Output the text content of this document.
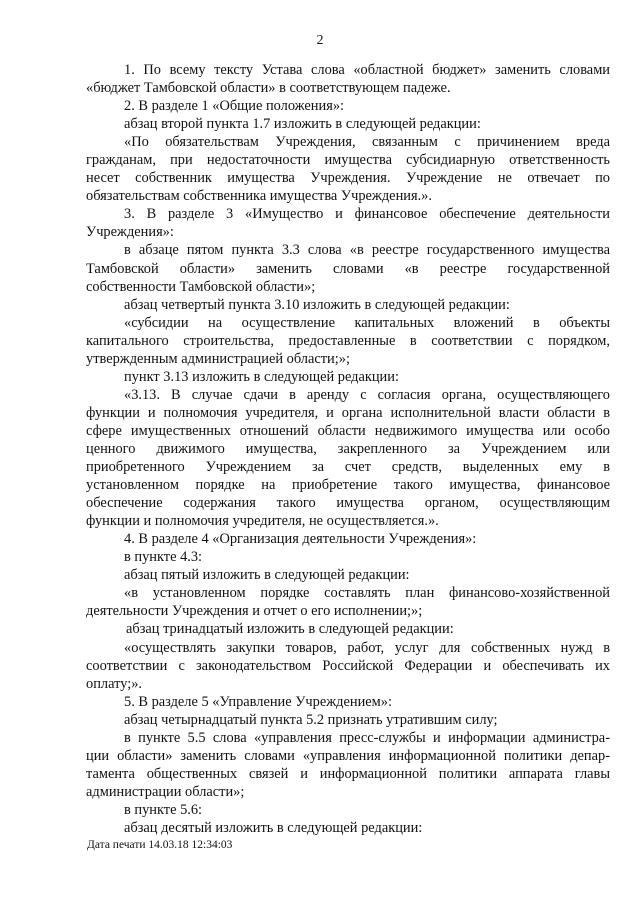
2
1. По всему тексту Устава слова «областной бюджет» заменить словами
«бюджет Тамбовской области» в соответствующем падеже.
2. В разделе 1 «Общие положения»:
абзац второй пункта 1.7 изложить в следующей редакции:
«По обязательствам Учреждения, связанным с причинением вреда
гражданам, при недостаточности имущества субсидиарную ответственность
несет собственник имущества Учреждения. Учреждение не отвечает по
обязательствам собственника имущества Учреждения.».
3. В разделе 3 «Имущество и финансовое обеспечение деятельности
Учреждения»:
в абзаце пятом пункта 3.3 слова «в реестре государственного имущества
Тамбовской области» заменить словами «в реестре государственной
собственности Тамбовской области»;
абзац четвертый пункта 3.10 изложить в следующей редакции:
«субсидии на осуществление капитальных вложений в объекты
капитального строительства, предоставленные в соответствии с порядком,
утвержденным администрацией области;»;
пункт 3.13 изложить в следующей редакции:
«3.13. В случае сдачи в аренду с согласия органа, осуществляющего
функции и полномочия учредителя, и органа исполнительной власти области в
сфере имущественных отношений области недвижимого имущества или особо
ценного движимого имущества, закрепленного за Учреждением или
приобретенного Учреждением за счет средств, выделенных ему в
установленном порядке на приобретение такого имущества, финансовое
обеспечение содержания такого имущества органом, осуществляющим
функции и полномочия учредителя, не осуществляется.».
4. В разделе 4 «Организация деятельности Учреждения»:
в пункте 4.3:
абзац пятый изложить в следующей редакции:
«в установленном порядке составлять план финансово-хозяйственной
деятельности Учреждения и отчет о его исполнении;»;
абзац тринадцатый изложить в следующей редакции:
«осуществлять закупки товаров, работ, услуг для собственных нужд в
соответствии с законодательством Российской Федерации и обеспечивать их
оплату;».
5. В разделе 5 «Управление Учреждением»:
абзац четырнадцатый пункта 5.2 признать утратившим силу;
в пункте 5.5 слова «управления пресс-службы и информации администра-
ции области» заменить словами «управления информационной политики депар-
тамента общественных связей и информационной политики аппарата главы
администрации области»;
в пункте 5.6:
абзац десятый изложить в следующей редакции:
Дата печати 14.03.18 12:34:03
